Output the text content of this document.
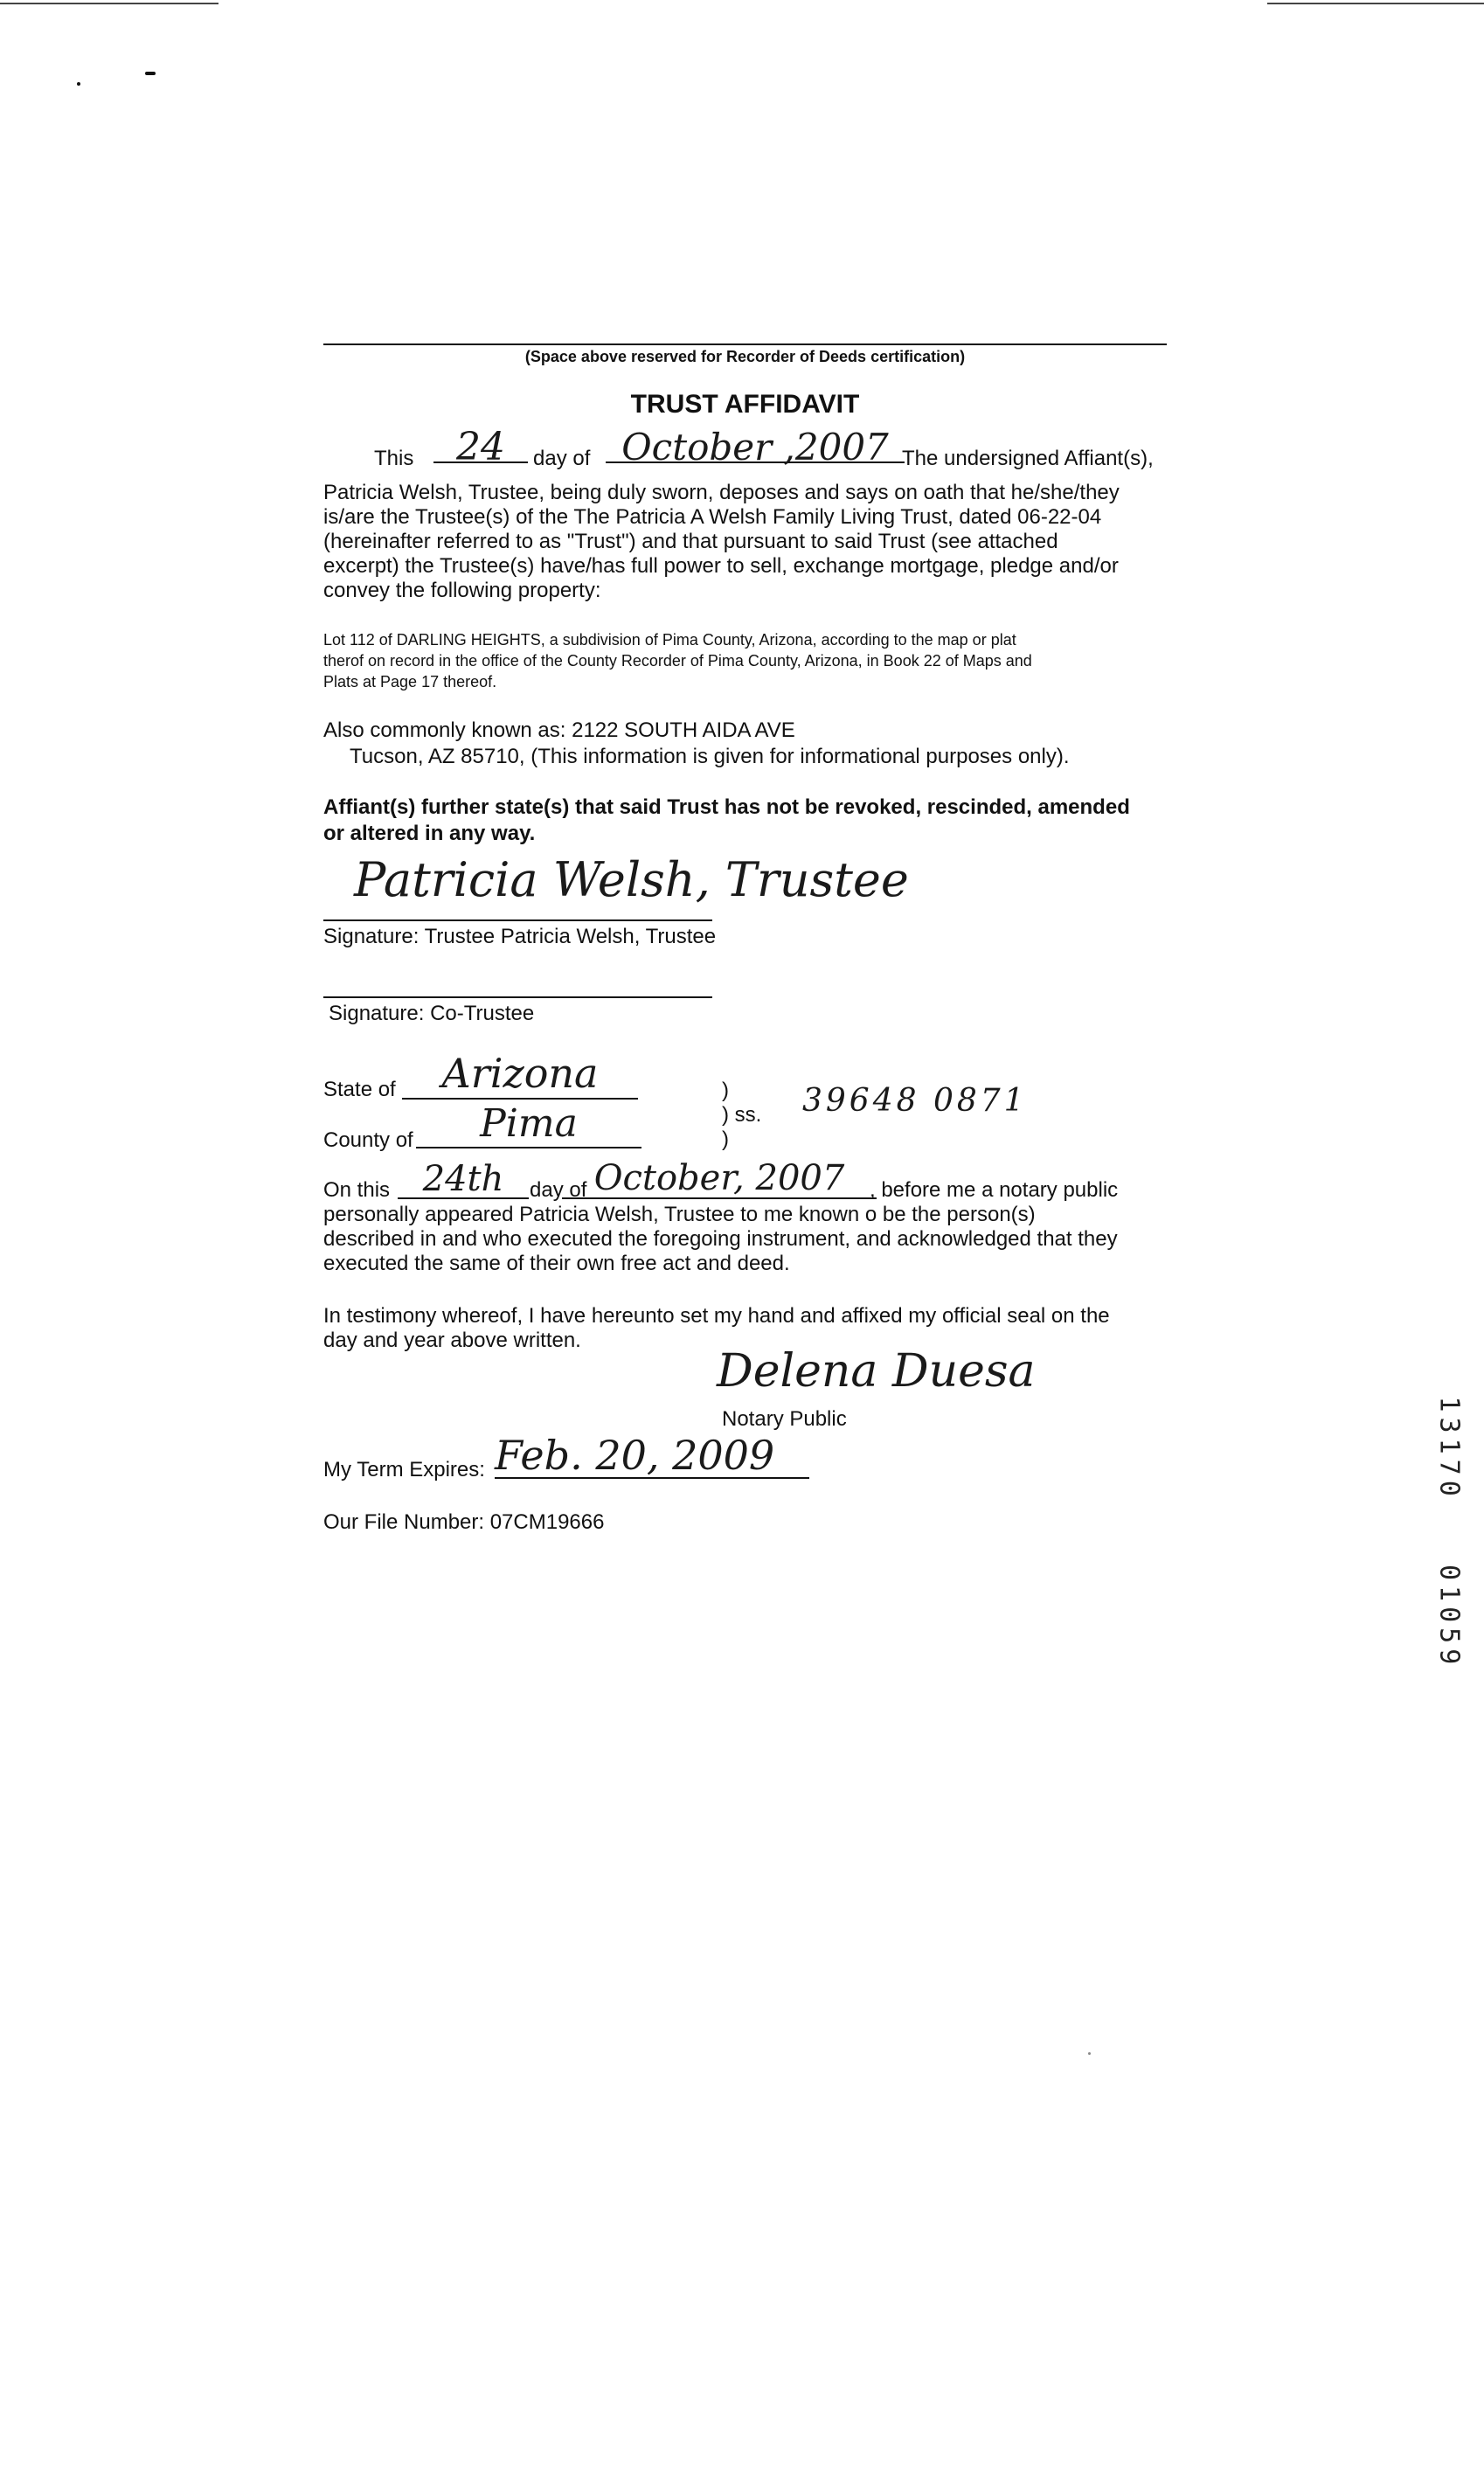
(Space above reserved for Recorder of Deeds certification)
TRUST AFFIDAVIT
This	24	day of October ,2007 The undersigned Affiant(s),
Patricia Welsh, Trustee, being duly sworn, deposes and says on oath that he/she/they
is/are the Trustee(s) of the The Patricia A Welsh Family Living Trust, dated 06-22-04
(hereinafter referred to as "Trust") and that pursuant to said Trust (see attached
excerpt) the Trustee(s) have/has full power to sell, exchange mortgage, pledge and/or
convey the following property:
Lot 112 of DARLING HEIGHTS, a subdivision of Pima County, Arizona, according to the map or plat
therof on record in the office of the County Recorder of Pima County, Arizona, in Book 22 of Maps and
Plats at Page 17 thereof.
Also commonly known as: 2122 SOUTH AIDA AVE
Tucson, AZ 85710, (This information is given for informational purposes only).
Affiant(s) further state(s) that said Trust has not be revoked, rescinded, amended
or altered in any way.
Patricia Welsh, Trustee
Signature: Trustee Patricia Welsh, Trustee
Signature: Co-Trustee
State of	Arizona
County of	Pima
)
) ss.
)
39648 0871
On this 24th	day of October, 2007	, before me a notary public
personally appeared Patricia Welsh, Trustee to me known o be the person(s)
described in and who executed the foregoing instrument, and acknowledged that they
executed the same of their own free act and deed.
In testimony whereof, I have hereunto set my hand and affixed my official seal on the
day and year above written.
Delena Duesa
Notary Public
My Term Expires: Feb. 20, 2009
Our File Number: 07CM19666
13170   01059
